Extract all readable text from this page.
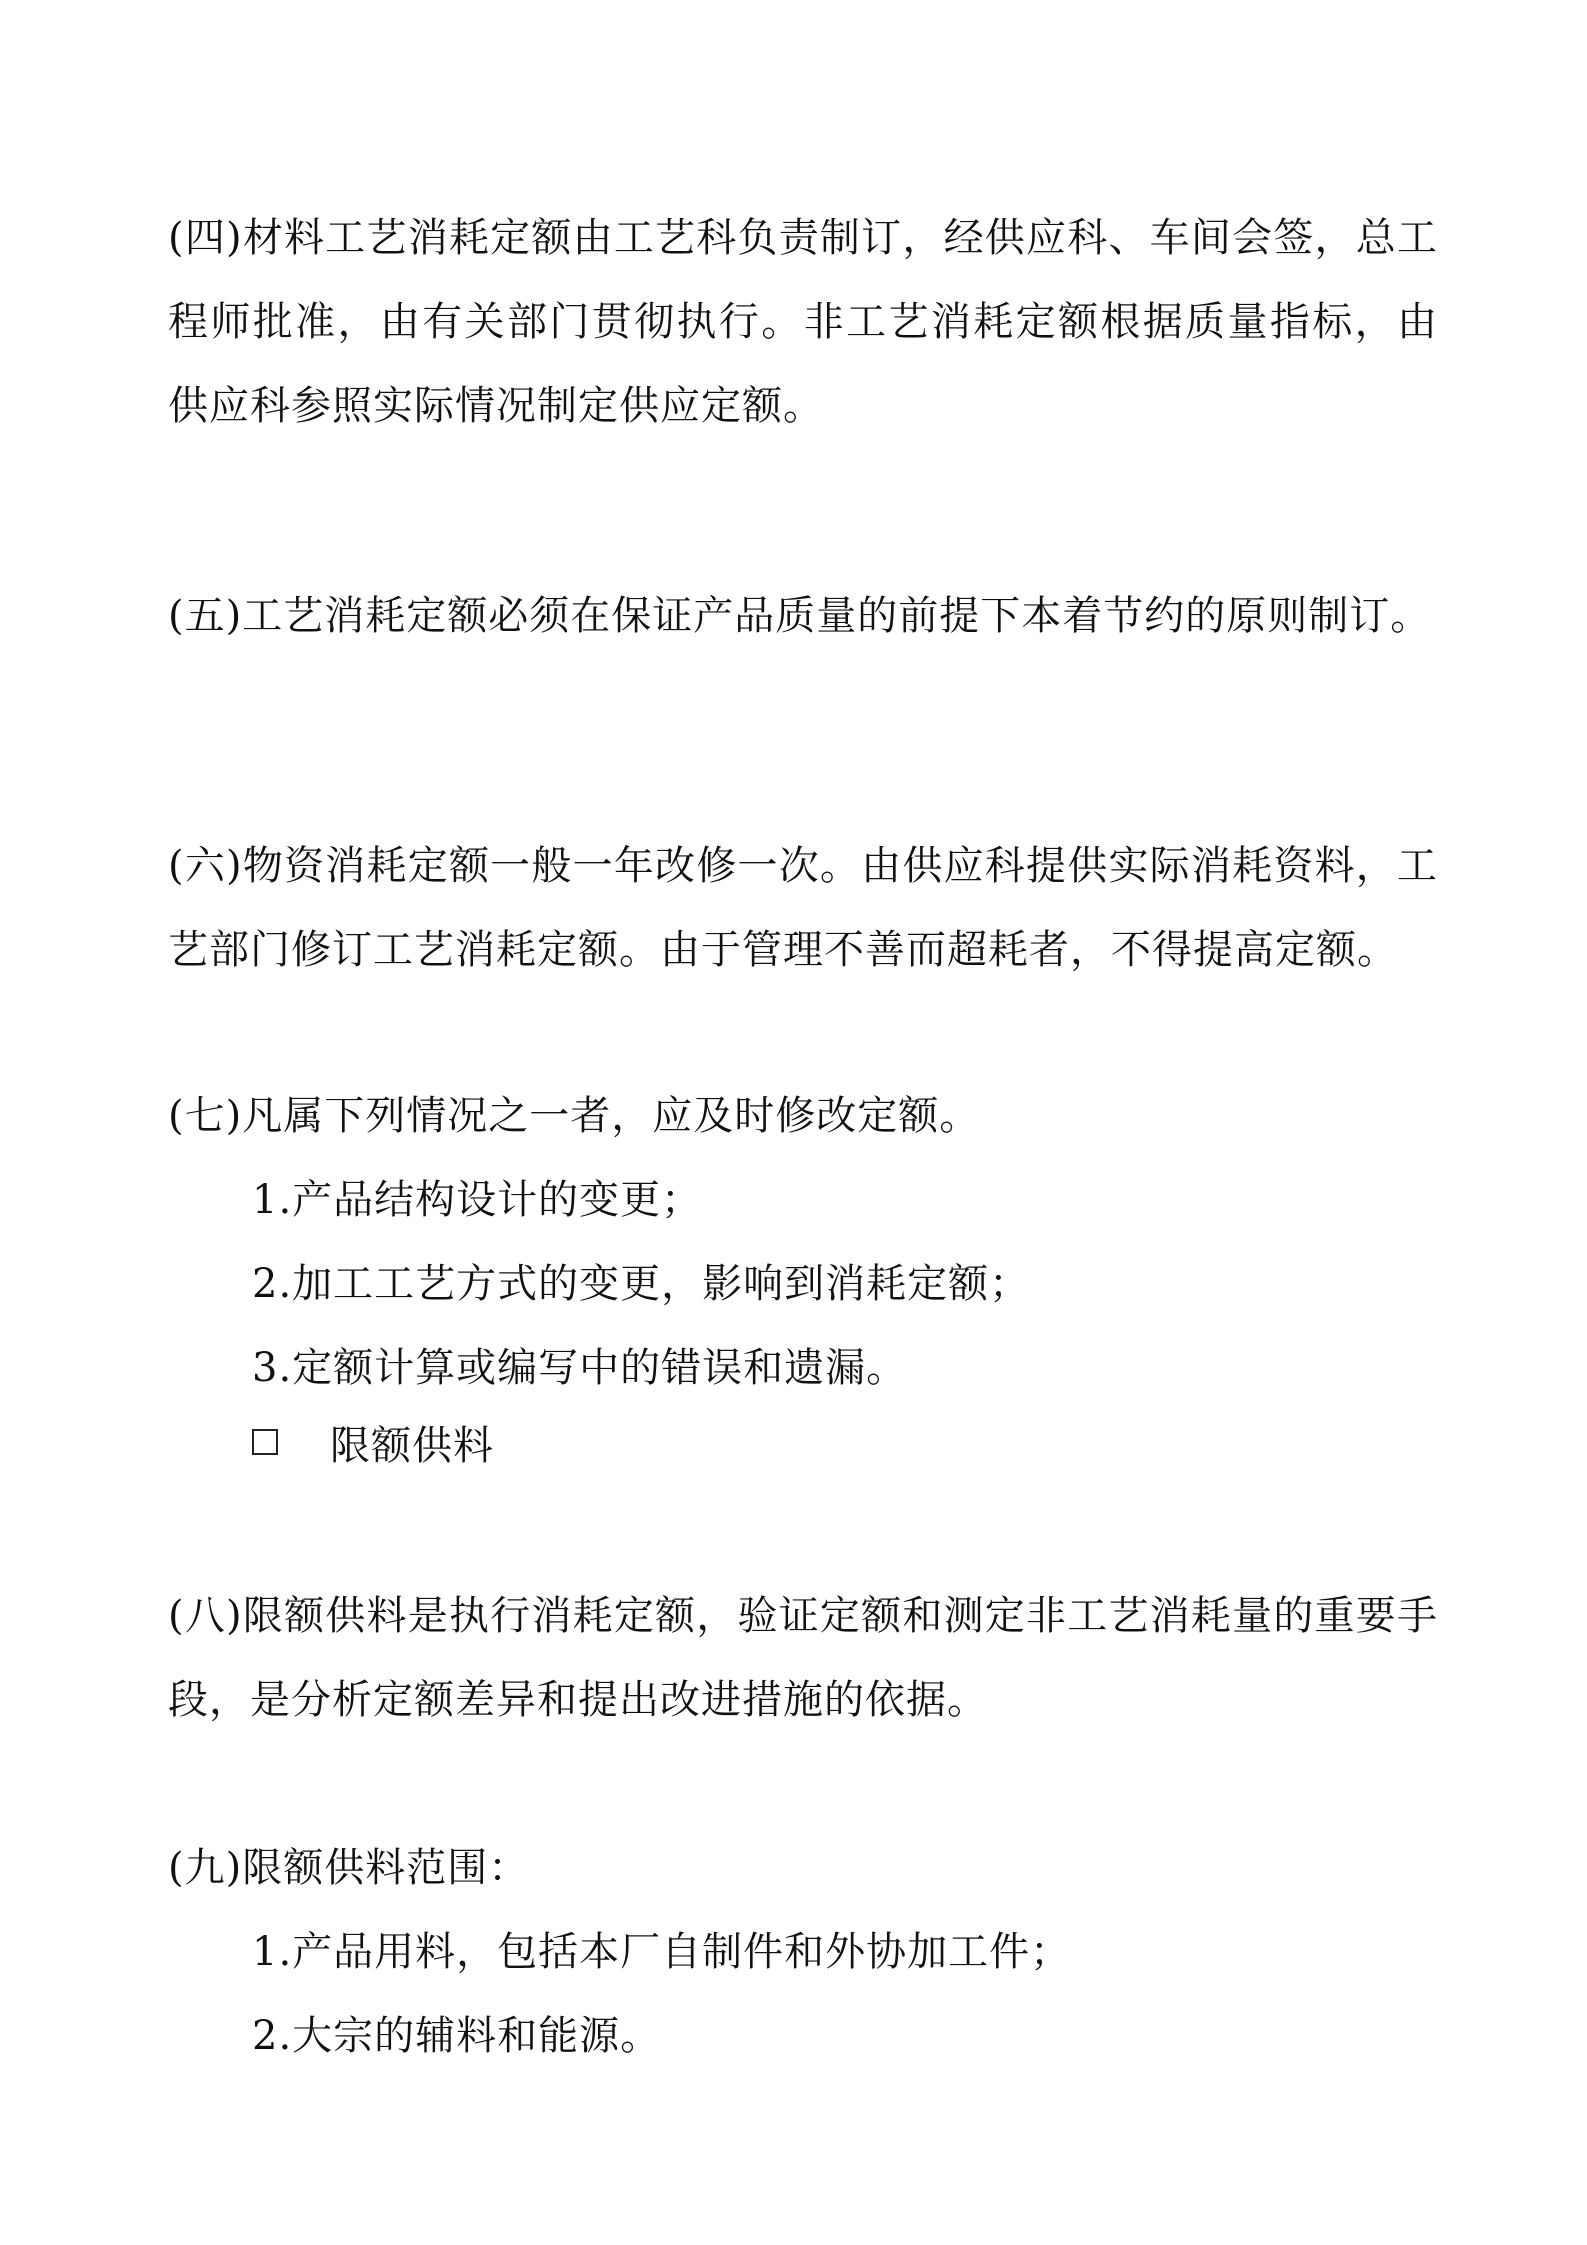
(四)材料工艺消耗定额由工艺科负责制订，经供应科、车间会签，总工程师批准，由有关部门贯彻执行。非工艺消耗定额根据质量指标，由供应科参照实际情况制定供应定额。

(五)工艺消耗定额必须在保证产品质量的前提下本着节约的原则制订。

(六)物资消耗定额一般一年改修一次。由供应科提供实际消耗资料，工艺部门修订工艺消耗定额。由于管理不善而超耗者，不得提高定额。

(七)凡属下列情况之一者，应及时修改定额。

1.产品结构设计的变更；
2.加工工艺方式的变更，影响到消耗定额；
3.定额计算或编写中的错误和遗漏。
限额供料

(八)限额供料是执行消耗定额，验证定额和测定非工艺消耗量的重要手段，是分析定额差异和提出改进措施的依据。

(九)限额供料范围：

1.产品用料，包括本厂自制件和外协加工件；
2.大宗的辅料和能源。
